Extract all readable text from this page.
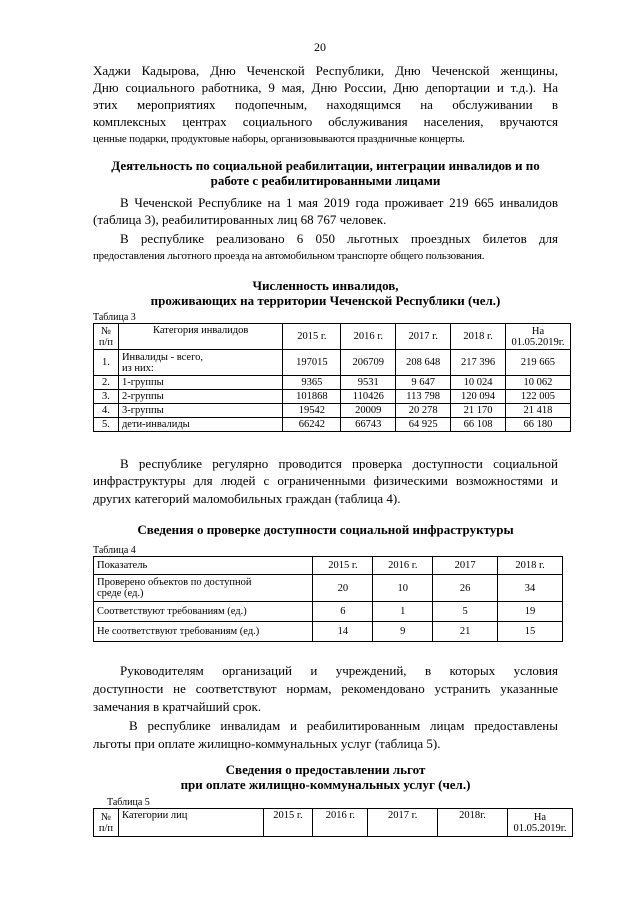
20

Хаджи Кадырова, Дню Чеченской Республики, Дню Чеченской женщины,

Дню социального работника, 9 мая, Дню России, Дню депортации и т.д.). На

этих мероприятиях подопечным, находящимся на обслуживании в

комплексных центрах социального обслуживания населения, вручаются

ценные подарки, продуктовые наборы, организовываются праздничные концерты.

Деятельность по социальной реабилитации, интеграции инвалидов и по

работе с реабилитированными лицами

В Чеченской Республике на 1 мая 2019 года проживает 219 665 инвалидов

(таблица 3), реабилитированных лиц 68 767 человек.

В республике реализовано 6 050 льготных проездных билетов для

предоставления льготного проезда на автомобильном транспорте общего пользования.

Численность инвалидов,

проживающих на территории Чеченской Республики (чел.)

Таблица 3
№ п/п	Категория инвалидов	2015 г.	2016 г.	2017 г.	2018 г.	На
01.05.2019г.
1.	Инвалиды - всего,
из них:	197015	206709	208 648	217 396	219 665
2.	1-группы	9365	9531	9 647	10 024	10 062
3.	2-группы	101868	110426	113 798	120 094	122 005
4.	3-группы	19542	20009	20 278	21 170	21 418
5.	дети-инвалиды	66242	66743	64 925	66 108	66 180

В республике регулярно проводится проверка доступности социальной

инфраструктуры для людей с ограниченными физическими возможностями и

других категорий маломобильных граждан (таблица 4).

Сведения о проверке доступности социальной инфраструктуры

Таблица 4
Показатель	2015 г.	2016 г.	2017	2018 г.
Проверено объектов по доступной
среде (ед.)	20	10	26	34
Соответствуют требованиям (ед.)	6	1	5	19
Не соответствуют требованиям (ед.)	14	9	21	15

Руководителям организаций и учреждений, в которых условия

доступности не соответствуют нормам, рекомендовано устранить указанные

замечания в кратчайший срок.

В республике инвалидам и реабилитированным лицам предоставлены

льготы при оплате жилищно-коммунальных услуг (таблица 5).

Сведения о предоставлении льгот

при оплате жилищно-коммунальных услуг (чел.)

Таблица 5
№ п/п	Категории лиц	2015 г.	2016 г.	2017 г.	2018г.	На
01.05.2019г.
